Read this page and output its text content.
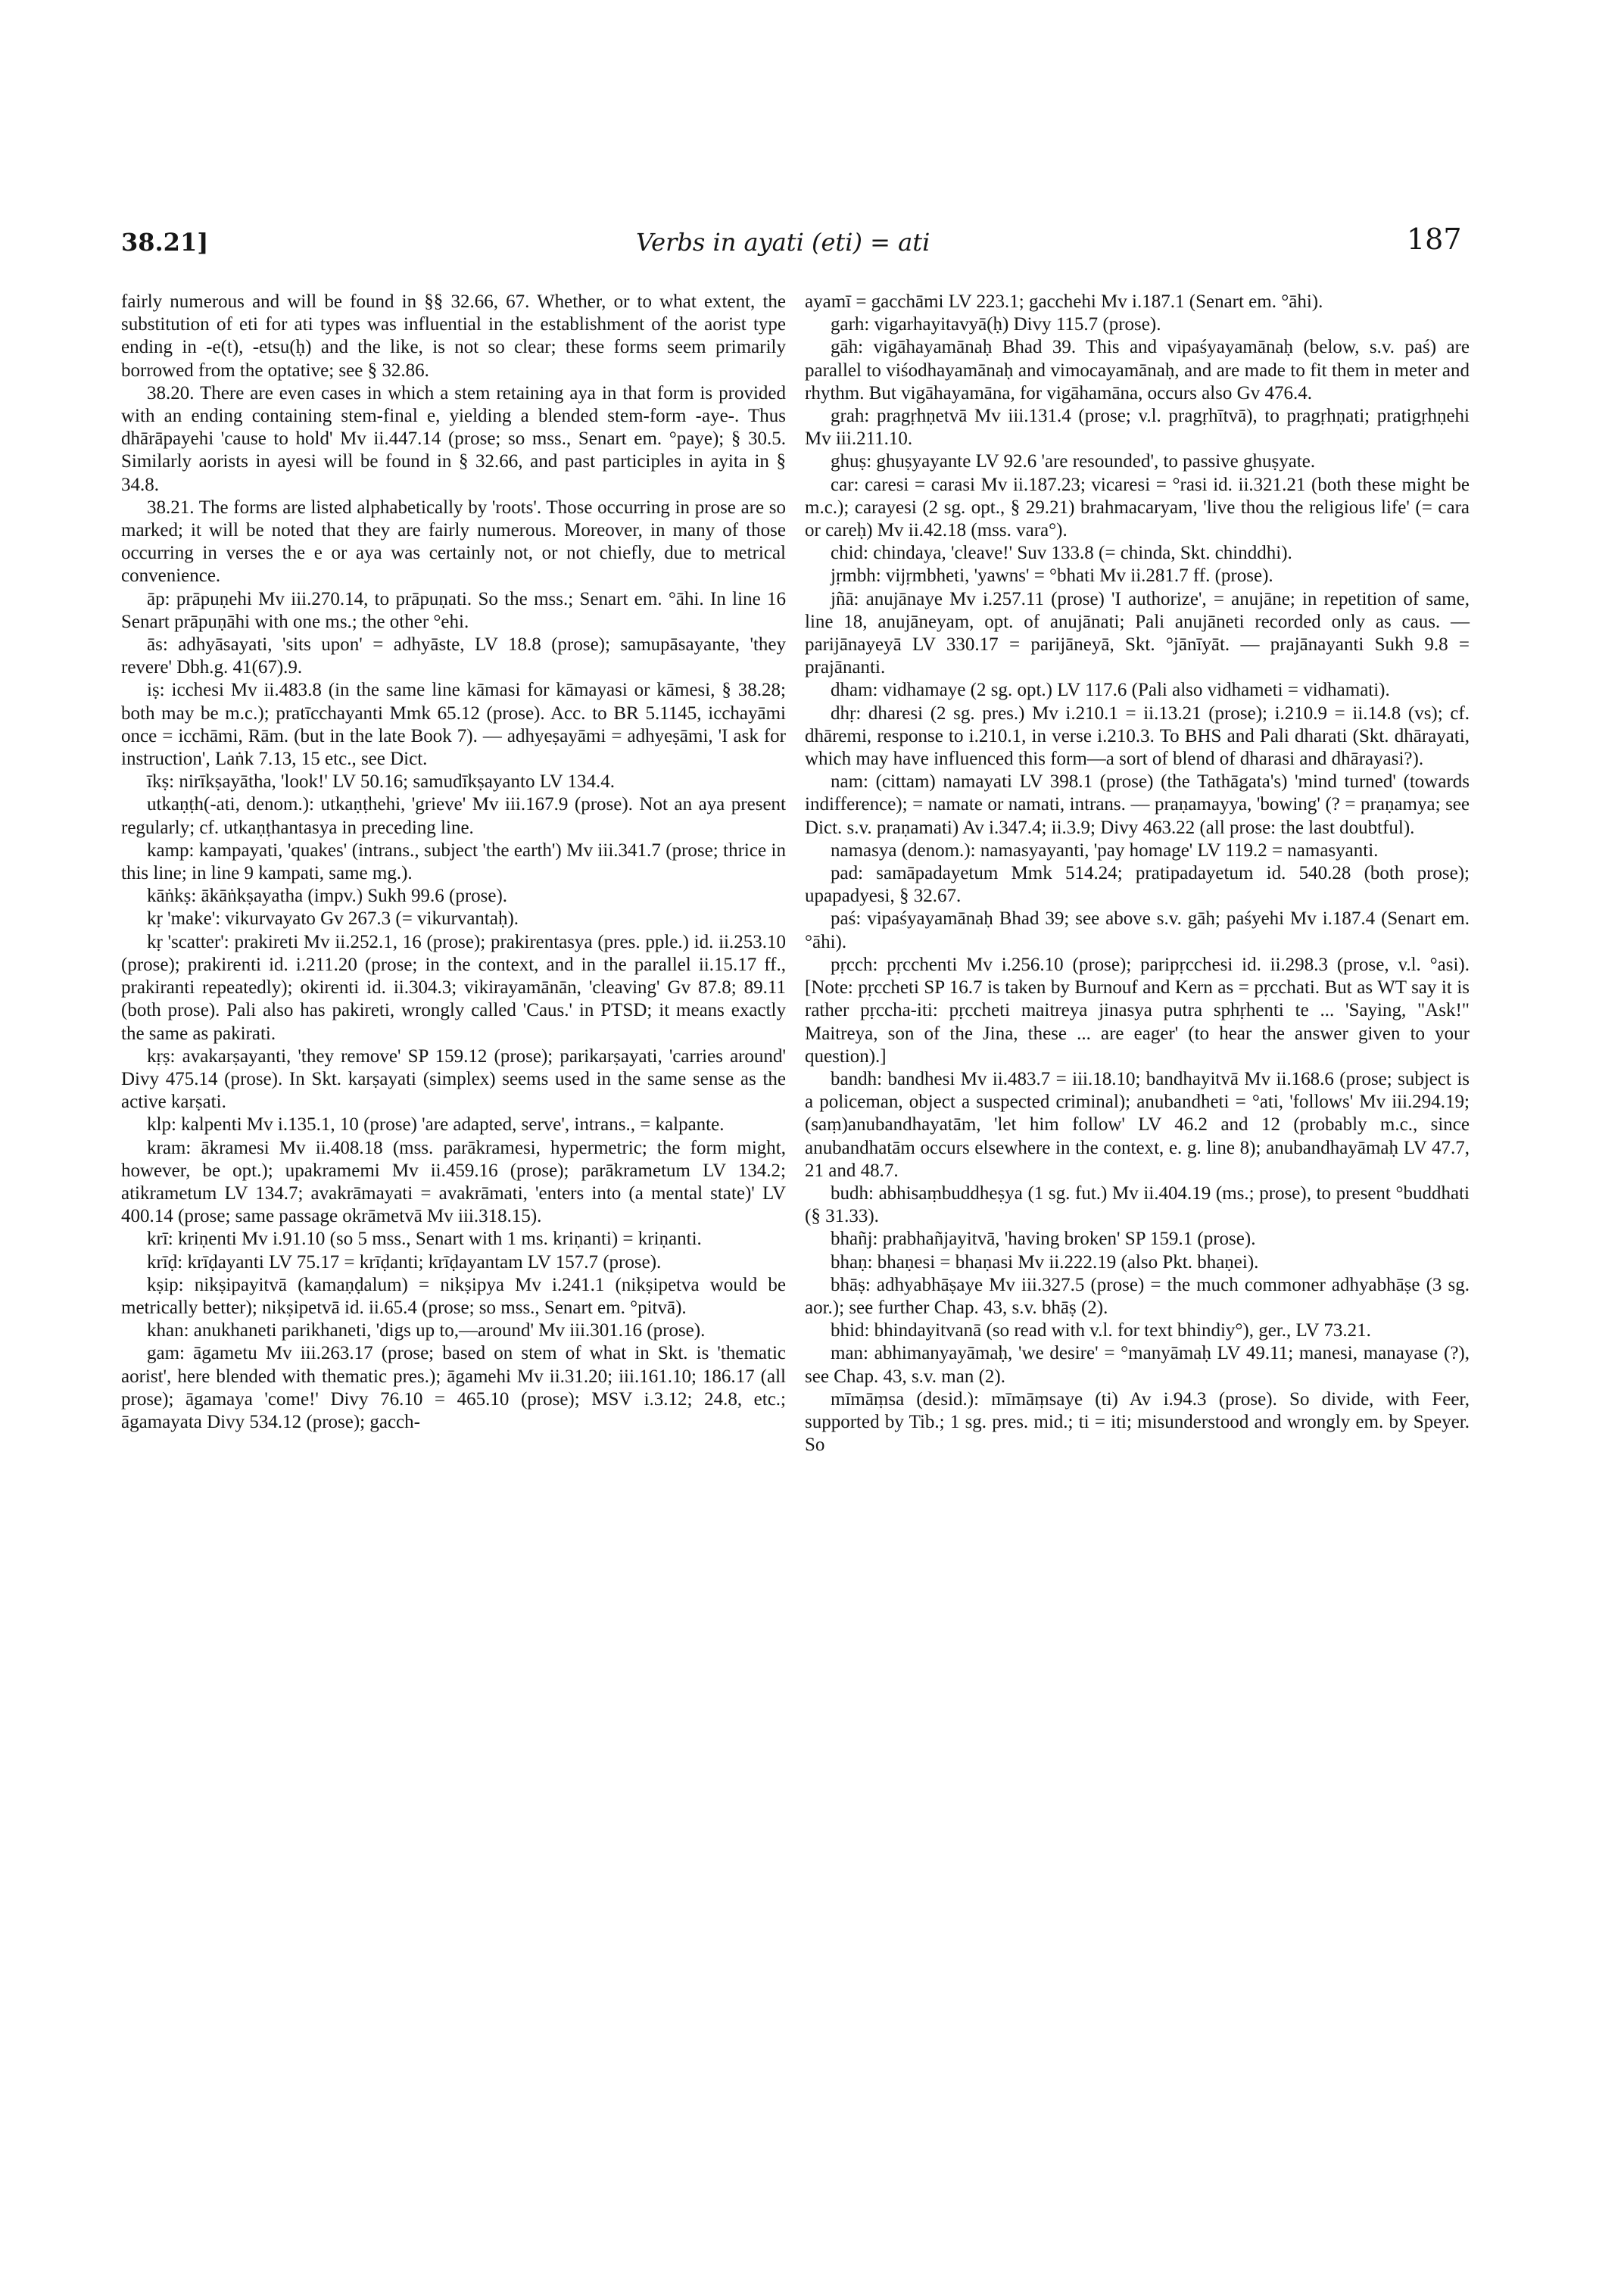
38.21]	Verbs in ayati (eti) = ati	187

fairly numerous and will be found in §§ 32.66, 67. Whether, or to what extent, the substitution of eti for ati types was influential in the establishment of the aorist type ending in -e(t), -etsu(ḥ) and the like, is not so clear; these forms seem primarily borrowed from the optative; see § 32.86.

38.20. There are even cases in which a stem retaining aya in that form is provided with an ending containing stem-final e, yielding a blended stem-form -aye-. Thus dhārāpayehi 'cause to hold' Mv ii.447.14 (prose; so mss., Senart em. °paye); § 30.5. Similarly aorists in ayesi will be found in § 32.66, and past participles in ayita in § 34.8.

38.21. The forms are listed alphabetically by 'roots'. Those occurring in prose are so marked; it will be noted that they are fairly numerous. Moreover, in many of those occurring in verses the e or aya was certainly not, or not chiefly, due to metrical convenience.

āp: prāpuṇehi Mv iii.270.14, to prāpuṇati. So the mss.; Senart em. °āhi. In line 16 Senart prāpuṇāhi with one ms.; the other °ehi.

ās: adhyāsayati, 'sits upon' = adhyāste, LV 18.8 (prose); samupāsayante, 'they revere' Dbh.g. 41(67).9.

iṣ: icchesi Mv ii.483.8 (in the same line kāmasi for kāmayasi or kāmesi, § 38.28; both may be m.c.); pratīcchayanti Mmk 65.12 (prose). Acc. to BR 5.1145, icchayāmi once = icchāmi, Rām. (but in the late Book 7). — adhyeṣayāmi = adhyeṣāmi, 'I ask for instruction', Laṅk 7.13, 15 etc., see Dict.

īkṣ: nirīkṣayātha, 'look!' LV 50.16; samudīkṣayanto LV 134.4.

utkaṇṭh(-ati, denom.): utkaṇṭhehi, 'grieve' Mv iii.167.9 (prose). Not an aya present regularly; cf. utkaṇṭhantasya in preceding line.

kamp: kampayati, 'quakes' (intrans., subject 'the earth') Mv iii.341.7 (prose; thrice in this line; in line 9 kampati, same mg.).

kāṅkṣ: ākāṅkṣayatha (impv.) Sukh 99.6 (prose).

kṛ 'make': vikurvayato Gv 267.3 (= vikurvantaḥ).

kṛ 'scatter': prakireti Mv ii.252.1, 16 (prose); prakirentasya (pres. pple.) id. ii.253.10 (prose); prakirenti id. i.211.20 (prose; in the context, and in the parallel ii.15.17 ff., prakiranti repeatedly); okirenti id. ii.304.3; vikirayamānān, 'cleaving' Gv 87.8; 89.11 (both prose). Pali also has pakireti, wrongly called 'Caus.' in PTSD; it means exactly the same as pakirati.

kṛṣ: avakarṣayanti, 'they remove' SP 159.12 (prose); parikarṣayati, 'carries around' Divy 475.14 (prose). In Skt. karṣayati (simplex) seems used in the same sense as the active karṣati.

klp: kalpenti Mv i.135.1, 10 (prose) 'are adapted, serve', intrans., = kalpante.

kram: ākramesi Mv ii.408.18 (mss. parākramesi, hypermetric; the form might, however, be opt.); upakramemi Mv ii.459.16 (prose); parākrametum LV 134.2; atikrametum LV 134.7; avakrāmayati = avakrāmati, 'enters into (a mental state)' LV 400.14 (prose; same passage okrāmetvā Mv iii.318.15).

krī: kriṇenti Mv i.91.10 (so 5 mss., Senart with 1 ms. kriṇanti) = kriṇanti.

krīḍ: krīḍayanti LV 75.17 = krīḍanti; krīḍayantam LV 157.7 (prose).

kṣip: nikṣipayitvā (kamaṇḍalum) = nikṣipya Mv i.241.1 (nikṣipetva would be metrically better); nikṣipetvā id. ii.65.4 (prose; so mss., Senart em. °pitvā).

khan: anukhaneti parikhaneti, 'digs up to,—around' Mv iii.301.16 (prose).

gam: āgametu Mv iii.263.17 (prose; based on stem of what in Skt. is 'thematic aorist', here blended with thematic pres.); āgamehi Mv ii.31.20; iii.161.10; 186.17 (all prose); āgamaya 'come!' Divy 76.10 = 465.10 (prose); MSV i.3.12; 24.8, etc.; āgamayata Divy 534.12 (prose); gacch-

ayamī = gacchāmi LV 223.1; gacchehi Mv i.187.1 (Senart em. °āhi).

garh: vigarhayitavyā(ḥ) Divy 115.7 (prose).

gāh: vigāhayamānaḥ Bhad 39. This and vipaśyayamānaḥ (below, s.v. paś) are parallel to viśodhayamānaḥ and vimocayamānaḥ, and are made to fit them in meter and rhythm. But vigāhayamāna, for vigāhamāna, occurs also Gv 476.4.

grah: pragṛhṇetvā Mv iii.131.4 (prose; v.l. pragṛhītvā), to pragṛhṇati; pratigṛhṇehi Mv iii.211.10.

ghuṣ: ghuṣyayante LV 92.6 'are resounded', to passive ghuṣyate.

car: caresi = carasi Mv ii.187.23; vicaresi = °rasi id. ii.321.21 (both these might be m.c.); carayesi (2 sg. opt., § 29.21) brahmacaryam, 'live thou the religious life' (= cara or careḥ) Mv ii.42.18 (mss. vara°).

chid: chindaya, 'cleave!' Suv 133.8 (= chinda, Skt. chinddhi).

jṛmbh: vijṛmbheti, 'yawns' = °bhati Mv ii.281.7 ff. (prose).

jñā: anujānaye Mv i.257.11 (prose) 'I authorize', = anujāne; in repetition of same, line 18, anujāneyam, opt. of anujānati; Pali anujāneti recorded only as caus. — parijānayeyā LV 330.17 = parijāneyā, Skt. °jānīyāt. — prajānayanti Sukh 9.8 = prajānanti.

dham: vidhamaye (2 sg. opt.) LV 117.6 (Pali also vidhameti = vidhamati).

dhṛ: dharesi (2 sg. pres.) Mv i.210.1 = ii.13.21 (prose); i.210.9 = ii.14.8 (vs); cf. dhāremi, response to i.210.1, in verse i.210.3. To BHS and Pali dharati (Skt. dhārayati, which may have influenced this form—a sort of blend of dharasi and dhārayasi?).

nam: (cittam) namayati LV 398.1 (prose) (the Tathāgata's) 'mind turned' (towards indifference); = namate or namati, intrans. — praṇamayya, 'bowing' (? = praṇamya; see Dict. s.v. praṇamati) Av i.347.4; ii.3.9; Divy 463.22 (all prose: the last doubtful).

namasya (denom.): namasyayanti, 'pay homage' LV 119.2 = namasyanti.

pad: samāpadayetum Mmk 514.24; pratipadayetum id. 540.28 (both prose); upapadyesi, § 32.67.

paś: vipaśyayamānaḥ Bhad 39; see above s.v. gāh; paśyehi Mv i.187.4 (Senart em. °āhi).

pṛcch: pṛcchenti Mv i.256.10 (prose); paripṛcchesi id. ii.298.3 (prose, v.l. °asi). [Note: pṛccheti SP 16.7 is taken by Burnouf and Kern as = pṛcchati. But as WT say it is rather pṛccha-iti: pṛccheti maitreya jinasya putra sphṛhenti te ... 'Saying, "Ask!" Maitreya, son of the Jina, these ... are eager' (to hear the answer given to your question).]

bandh: bandhesi Mv ii.483.7 = iii.18.10; bandhayitvā Mv ii.168.6 (prose; subject is a policeman, object a suspected criminal); anubandheti = °ati, 'follows' Mv iii.294.19; (saṃ)anubandhayatām, 'let him follow' LV 46.2 and 12 (probably m.c., since anubandhatām occurs elsewhere in the context, e. g. line 8); anubandhayāmaḥ LV 47.7, 21 and 48.7.

budh: abhisaṃbuddheṣya (1 sg. fut.) Mv ii.404.19 (ms.; prose), to present °buddhati (§ 31.33).

bhañj: prabhañjayitvā, 'having broken' SP 159.1 (prose).

bhaṇ: bhaṇesi = bhaṇasi Mv ii.222.19 (also Pkt. bhaṇei).

bhāṣ: adhyabhāṣaye Mv iii.327.5 (prose) = the much commoner adhyabhāṣe (3 sg. aor.); see further Chap. 43, s.v. bhāṣ (2).

bhid: bhindayitvanā (so read with v.l. for text bhindiy°), ger., LV 73.21.

man: abhimanyayāmaḥ, 'we desire' = °manyāmaḥ LV 49.11; manesi, manayase (?), see Chap. 43, s.v. man (2).

mīmāṃsa (desid.): mīmāṃsaye (ti) Av i.94.3 (prose). So divide, with Feer, supported by Tib.; 1 sg. pres. mid.; ti = iti; misunderstood and wrongly em. by Speyer. So
